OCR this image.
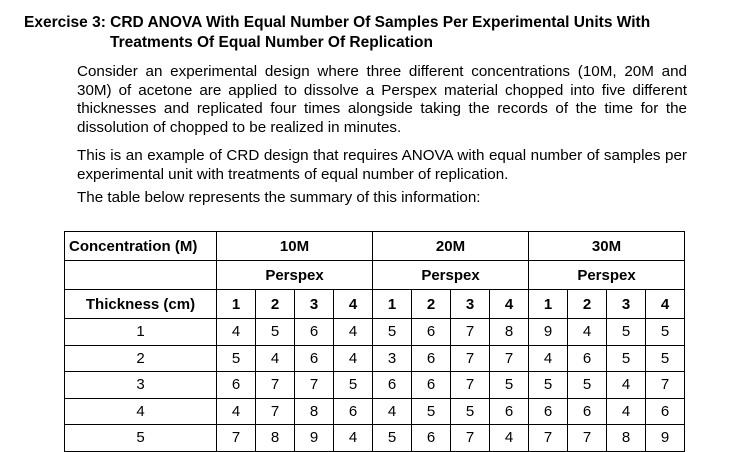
Exercise 3: CRD ANOVA With Equal Number Of Samples Per Experimental Units With
Treatments Of Equal Number Of Replication
Consider an experimental design where three different concentrations (10M, 20M and 30M) of acetone are applied to dissolve a Perspex material chopped into five different thicknesses and replicated four times alongside taking the records of the time for the dissolution of chopped to be realized in minutes.
This is an example of CRD design that requires ANOVA with equal number of samples per experimental unit with treatments of equal number of replication.
The table below represents the summary of this information:
Concentration (M)	10M				20M				30M			
	Perspex				Perspex				Perspex			
Thickness (cm)	1	2	3	4	1	2	3	4	1	2	3	4
1	4	5	6	4	5	6	7	8	9	4	5	5
2	5	4	6	4	3	6	7	7	4	6	5	5
3	6	7	7	5	6	6	7	5	5	5	4	7
4	4	7	8	6	4	5	5	6	6	6	4	6
5	7	8	9	4	5	6	7	4	7	7	8	9
